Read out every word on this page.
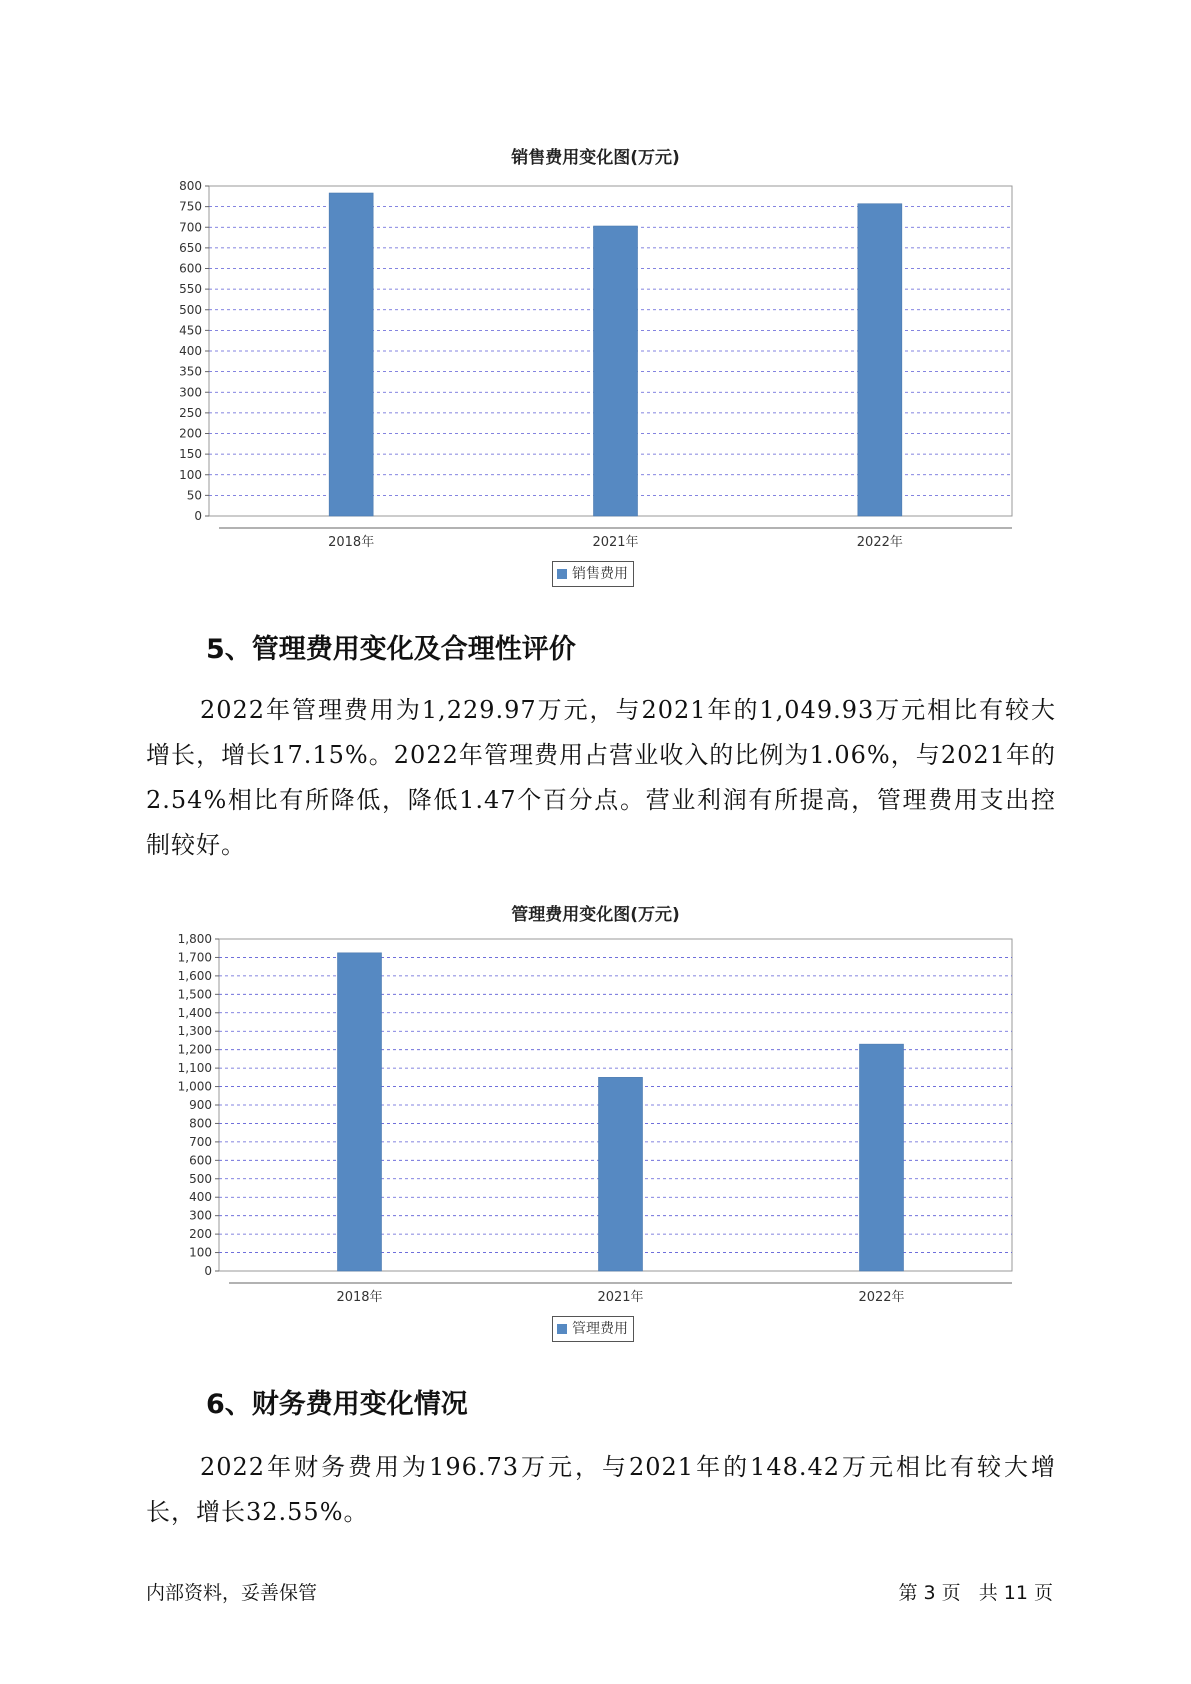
销售费用变化图(万元)
0
50
100
150
200
250
300
350
400
450
500
550
600
650
700
750
800
2018年	2021年	2022年
销售费用
5、管理费用变化及合理性评价

2022年管理费用为1,229.97万元，与2021年的1,049.93万元相比有较大增长，增长17.15%。2022年管理费用占营业收入的比例为1.06%，与2021年的2.54%相比有所降低，降低1.47个百分点。营业利润有所提高，管理费用支出控制较好。

管理费用变化图(万元)
0
100
200
300
400
500
600
700
800
900
1,000
1,100
1,200
1,300
1,400
1,500
1,600
1,700
1,800
2018年	2021年	2022年
管理费用
6、财务费用变化情况

2022年财务费用为196.73万元，与2021年的148.42万元相比有较大增长，增长32.55%。

内部资料，妥善保管	第 3 页   共 11 页
